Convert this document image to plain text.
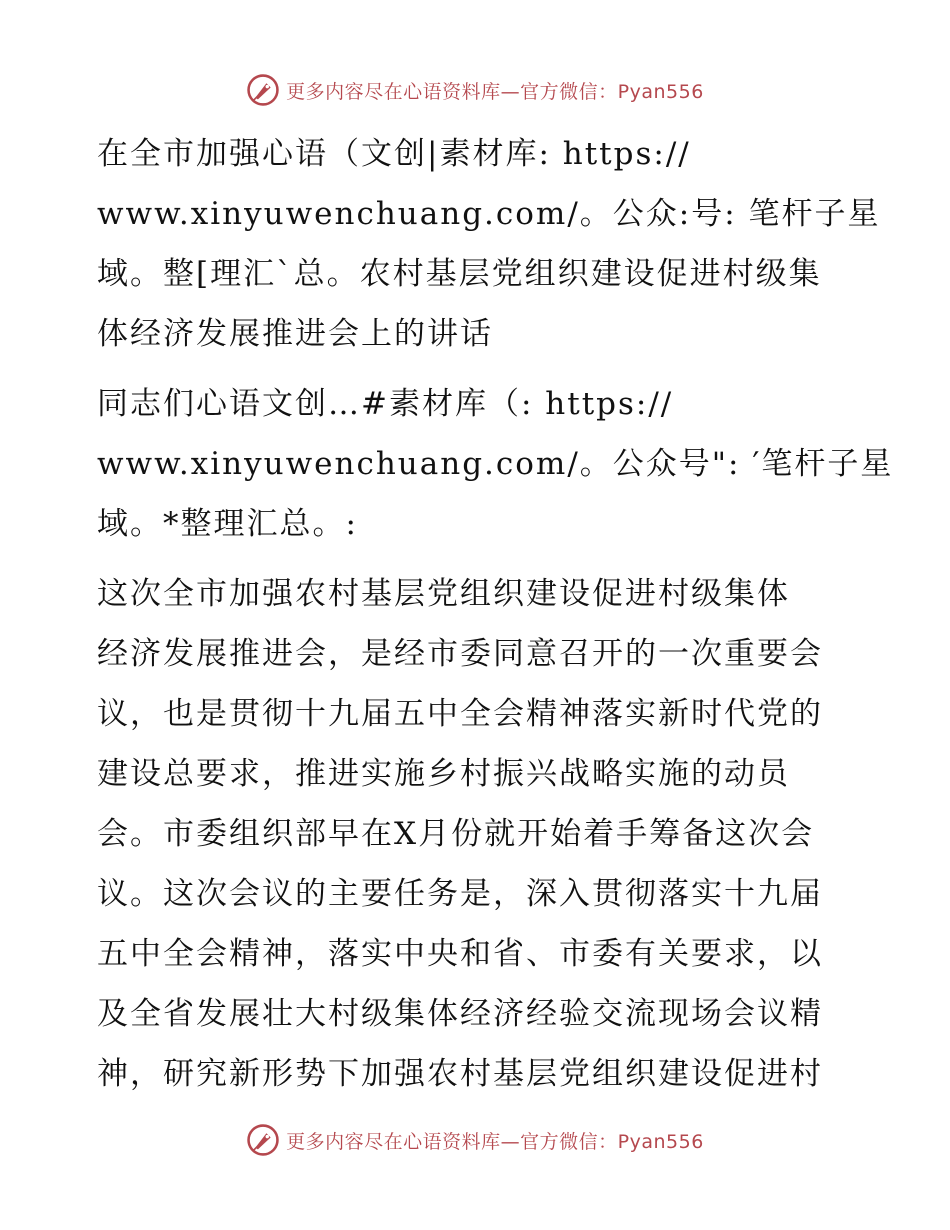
更多内容尽在心语资料库—官方微信：Pyan556
在全市加强心语（文创|素材库: https://
www.xinyuwenchuang.com/。公众:号: 笔杆子星
域。整[理汇`总。农村基层党组织建设促进村级集
体经济发展推进会上的讲话
同志们心语文创…#素材库（: https://
www.xinyuwenchuang.com/。公众号": ′笔杆子星
域。*整理汇总。:
这次全市加强农村基层党组织建设促进村级集体
经济发展推进会，是经市委同意召开的一次重要会
议，也是贯彻十九届五中全会精神落实新时代党的
建设总要求，推进实施乡村振兴战略实施的动员
会。市委组织部早在X月份就开始着手筹备这次会
议。这次会议的主要任务是，深入贯彻落实十九届
五中全会精神，落实中央和省、市委有关要求，以
及全省发展壮大村级集体经济经验交流现场会议精
神，研究新形势下加强农村基层党组织建设促进村
更多内容尽在心语资料库—官方微信：Pyan556
